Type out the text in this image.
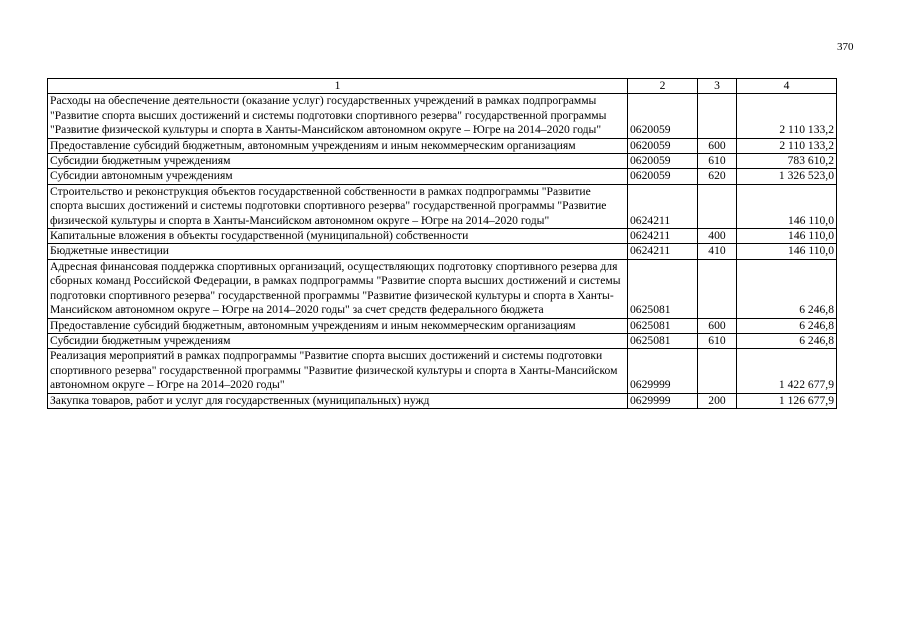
370
1	2	3	4
Расходы на обеспечение деятельности (оказание услуг) государственных учреждений в рамках подпрограммы "Развитие спорта высших достижений и системы подготовки спортивного резерва" государственной программы "Развитие физической культуры и спорта в Ханты-Мансийском автономном округе – Югре на 2014–2020 годы"	0620059		2 110 133,2
Предоставление субсидий бюджетным, автономным учреждениям и иным некоммерческим организациям	0620059	600	2 110 133,2
Субсидии бюджетным учреждениям	0620059	610	783 610,2
Субсидии автономным учреждениям	0620059	620	1 326 523,0
Строительство и реконструкция объектов государственной собственности в рамках подпрограммы "Развитие спорта высших достижений и системы подготовки спортивного резерва" государственной программы "Развитие физической культуры и спорта в Ханты-Мансийском автономном округе – Югре на 2014–2020 годы"	0624211		146 110,0
Капитальные вложения в объекты государственной (муниципальной) собственности	0624211	400	146 110,0
Бюджетные инвестиции	0624211	410	146 110,0
Адресная финансовая поддержка спортивных организаций, осуществляющих подготовку спортивного резерва для сборных команд Российской Федерации, в рамках подпрограммы "Развитие спорта высших достижений и системы подготовки спортивного резерва" государственной программы "Развитие физической культуры и спорта в Ханты-Мансийском автономном округе – Югре на 2014–2020 годы" за счет средств федерального бюджета	0625081		6 246,8
Предоставление субсидий бюджетным, автономным учреждениям и иным некоммерческим организациям	0625081	600	6 246,8
Субсидии бюджетным учреждениям	0625081	610	6 246,8
Реализация мероприятий в рамках подпрограммы "Развитие спорта высших достижений и системы подготовки спортивного резерва" государственной программы "Развитие физической культуры и спорта в Ханты-Мансийском автономном округе – Югре на 2014–2020 годы"	0629999		1 422 677,9
Закупка товаров, работ и услуг для государственных (муниципальных) нужд	0629999	200	1 126 677,9
